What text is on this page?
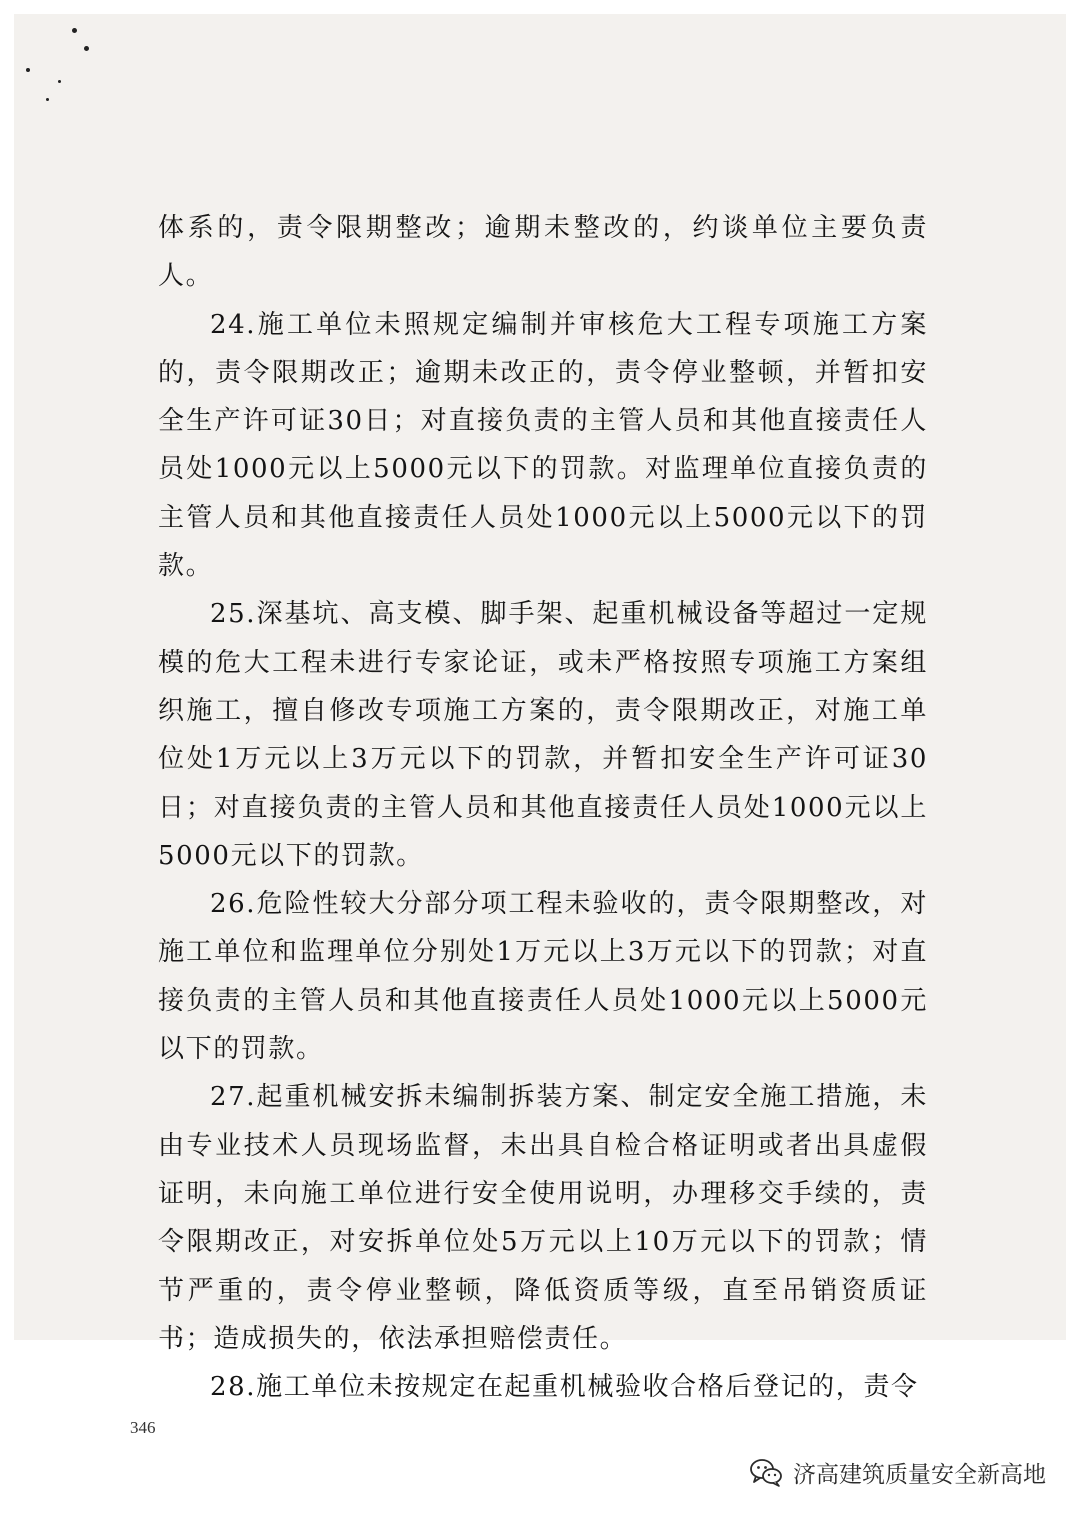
体系的，责令限期整改；逾期未整改的，约谈单位主要负责人。

24.施工单位未照规定编制并审核危大工程专项施工方案的，责令限期改正；逾期未改正的，责令停业整顿，并暂扣安全生产许可证30日；对直接负责的主管人员和其他直接责任人员处1000元以上5000元以下的罚款。对监理单位直接负责的主管人员和其他直接责任人员处1000元以上5000元以下的罚款。

25.深基坑、高支模、脚手架、起重机械设备等超过一定规模的危大工程未进行专家论证，或未严格按照专项施工方案组织施工，擅自修改专项施工方案的，责令限期改正，对施工单位处1万元以上3万元以下的罚款，并暂扣安全生产许可证30日；对直接负责的主管人员和其他直接责任人员处1000元以上5000元以下的罚款。

26.危险性较大分部分项工程未验收的，责令限期整改，对施工单位和监理单位分别处1万元以上3万元以下的罚款；对直接负责的主管人员和其他直接责任人员处1000元以上5000元以下的罚款。

27.起重机械安拆未编制拆装方案、制定安全施工措施，未由专业技术人员现场监督，未出具自检合格证明或者出具虚假证明，未向施工单位进行安全使用说明，办理移交手续的，责令限期改正，对安拆单位处5万元以上10万元以下的罚款；情节严重的，责令停业整顿，降低资质等级，直至吊销资质证书；造成损失的，依法承担赔偿责任。

28.施工单位未按规定在起重机械验收合格后登记的，责令

346
济高建筑质量安全新高地
